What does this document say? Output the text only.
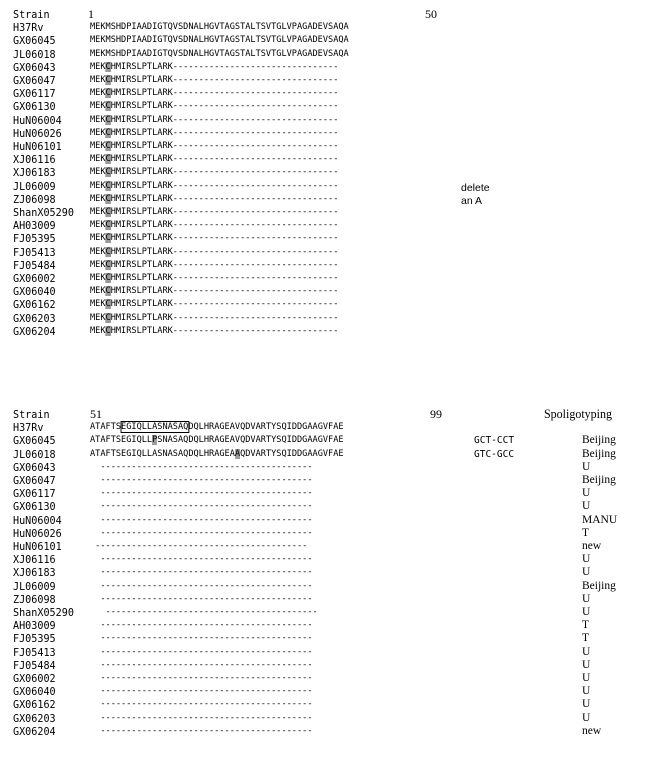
Strain	1	50
H37Rv	MEKMSHDPIAADIGTQVSDNALHGVTAGSTALTSVTGLVPAGADEVSAQA
GX06045	MEKMSHDPIAADIGTQVSDNALHGVTAGSTALTSVTGLVPAGADEVSAQA
JL06018	MEKMSHDPIAADIGTQVSDNALHGVTAGSTALTSVTGLVPAGADEVSAQA
GX06043	MEKCHMIRSLPTLARK--------------------------------
GX06047	MEKCHMIRSLPTLARK--------------------------------
GX06117	MEKCHMIRSLPTLARK--------------------------------
GX06130	MEKCHMIRSLPTLARK--------------------------------
HuN06004	MEKCHMIRSLPTLARK--------------------------------
HuN06026	MEKCHMIRSLPTLARK--------------------------------
HuN06101	MEKCHMIRSLPTLARK--------------------------------
XJ06116	MEKCHMIRSLPTLARK--------------------------------
XJ06183	MEKCHMIRSLPTLARK--------------------------------
JL06009	MEKCHMIRSLPTLARK--------------------------------
ZJ06098	MEKCHMIRSLPTLARK--------------------------------
ShanX05290 MEKCHMIRSLPTLARK--------------------------------
AH03009	MEKCHMIRSLPTLARK--------------------------------
FJ05395	MEKCHMIRSLPTLARK--------------------------------
FJ05413	MEKCHMIRSLPTLARK--------------------------------
FJ05484	MEKCHMIRSLPTLARK--------------------------------
GX06002	MEKCHMIRSLPTLARK--------------------------------
GX06040	MEKCHMIRSLPTLARK--------------------------------
GX06162	MEKCHMIRSLPTLARK--------------------------------
GX06203	MEKCHMIRSLPTLARK--------------------------------
GX06204	MEKCHMIRSLPTLARK--------------------------------
delete an A
Strain	51	99	Spoligotyping
H37Rv	ATAFTSEGIQLLASNASAQDQLHRAGEAVQDVARTYSQIDDGAAGVFAE
GX06045	ATAFTSEGIQLLPSNASAQDQLHRAGEAVQDVARTYSQIDDGAAGVFAE	GCT-CCT	Beijing
JL06018	ATAFTSEGIQLLASNASAQDQLHRAGEAAQDVARTYSQIDDGAAGVFAE	GTC-GCC	Beijing
GX06043	-----------------------------------------	U
GX06047	-----------------------------------------	Beijing
GX06117	-----------------------------------------	U
GX06130	-----------------------------------------	U
HuN06004	-----------------------------------------	MANU
HuN06026	-----------------------------------------	T
HuN06101	-----------------------------------------	new
XJ06116	-----------------------------------------	U
XJ06183	-----------------------------------------	U
JL06009	-----------------------------------------	Beijing
ZJ06098	-----------------------------------------	U
ShanX05290 -----------------------------------------	U
AH03009	-----------------------------------------	T
FJ05395	-----------------------------------------	T
FJ05413	-----------------------------------------	U
FJ05484	-----------------------------------------	U
GX06002	-----------------------------------------	U
GX06040	-----------------------------------------	U
GX06162	-----------------------------------------	U
GX06203	-----------------------------------------	U
GX06204	-----------------------------------------	new
